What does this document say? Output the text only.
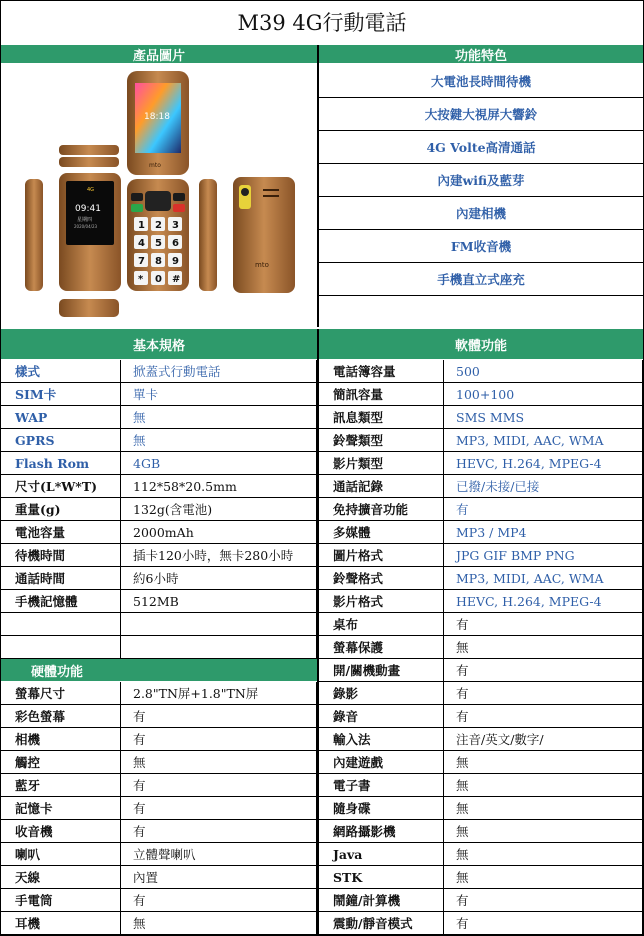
M39 4G行動電話
產品圖片	功能特色
4G
09:41
星期四
2020/04/23
18:18
mto
1 2 3
4 5 6
7 8 9
* 0 #
mto
大電池長時間待機
大按鍵大視屏大響鈴
4G Volte高清通話
內建wifi及藍芽
內建相機
FM收音機
手機直立式座充
基本規格	軟體功能
樣式	掀蓋式行動電話
SIM卡	單卡
WAP	無
GPRS	無
Flash Rom	4GB
尺寸(L*W*T)	112*58*20.5mm
重量(g)	132g(含電池)
電池容量	2000mAh
待機時間	插卡120小時，無卡280小時
通話時間	約6小時
手機記憶體	512MB
硬體功能
螢幕尺寸	2.8"TN屏+1.8"TN屏
彩色螢幕	有
相機	有
觸控	無
藍牙	有
記憶卡	有
收音機	有
喇叭	立體聲喇叭
天線	內置
手電筒	有
耳機	無
電話簿容量	500
簡訊容量	100+100
訊息類型	SMS MMS
鈴聲類型	MP3, MIDI, AAC, WMA
影片類型	HEVC, H.264, MPEG-4
通話記錄	已撥/未接/已接
免持擴音功能	有
多媒體	MP3 / MP4
圖片格式	JPG GIF BMP PNG
鈴聲格式	MP3, MIDI, AAC, WMA
影片格式	HEVC, H.264, MPEG-4
桌布	有
螢幕保護	無
開/關機動畫	有
錄影	有
錄音	有
輸入法	注音/英文/數字/
內建遊戲	無
電子書	無
隨身碟	無
網路攝影機	無
Java	無
STK	無
鬧鐘/計算機	有
震動/靜音模式	有
